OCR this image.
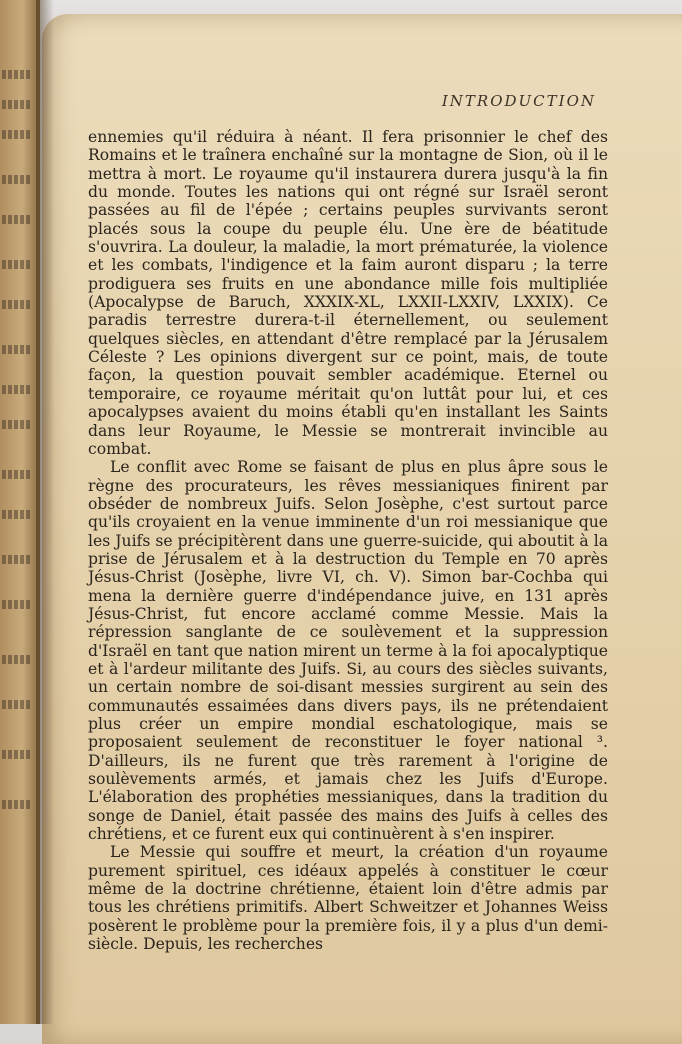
INTRODUCTION

ennemies qu'il réduira à néant. Il fera prisonnier le chef des Romains et le traînera enchaîné sur la montagne de Sion, où il le mettra à mort. Le royaume qu'il instaurera durera jusqu'à la fin du monde. Toutes les nations qui ont régné sur Israël seront passées au fil de l'épée ; certains peuples survivants seront placés sous la coupe du peuple élu. Une ère de béatitude s'ouvrira. La douleur, la maladie, la mort prématurée, la violence et les combats, l'indigence et la faim auront disparu ; la terre prodiguera ses fruits en une abondance mille fois multipliée (Apocalypse de Baruch, XXXIX-XL, LXXII-LXXIV, LXXIX). Ce paradis terrestre durera-t-il éternellement, ou seulement quelques siècles, en attendant d'être remplacé par la Jérusalem Céleste ? Les opinions divergent sur ce point, mais, de toute façon, la question pouvait sembler académique. Eternel ou temporaire, ce royaume méritait qu'on luttât pour lui, et ces apocalypses avaient du moins établi qu'en installant les Saints dans leur Royaume, le Messie se montrerait invincible au combat.

Le conflit avec Rome se faisant de plus en plus âpre sous le règne des procurateurs, les rêves messianiques finirent par obséder de nombreux Juifs. Selon Josèphe, c'est surtout parce qu'ils croyaient en la venue imminente d'un roi messianique que les Juifs se précipitèrent dans une guerre-suicide, qui aboutit à la prise de Jérusalem et à la destruction du Temple en 70 après Jésus-Christ (Josèphe, livre VI, ch. V). Simon bar-Cochba qui mena la dernière guerre d'indépendance juive, en 131 après Jésus-Christ, fut encore acclamé comme Messie. Mais la répression sanglante de ce soulèvement et la suppression d'Israël en tant que nation mirent un terme à la foi apocalyptique et à l'ardeur militante des Juifs. Si, au cours des siècles suivants, un certain nombre de soi-disant messies surgirent au sein des communautés essaimées dans divers pays, ils ne prétendaient plus créer un empire mondial eschatologique, mais se proposaient seulement de reconstituer le foyer national ³. D'ailleurs, ils ne furent que très rarement à l'origine de soulèvements armés, et jamais chez les Juifs d'Europe. L'élaboration des prophéties messianiques, dans la tradition du songe de Daniel, était passée des mains des Juifs à celles des chrétiens, et ce furent eux qui continuèrent à s'en inspirer.

Le Messie qui souffre et meurt, la création d'un royaume purement spirituel, ces idéaux appelés à constituer le cœur même de la doctrine chrétienne, étaient loin d'être admis par tous les chrétiens primitifs. Albert Schweitzer et Johannes Weiss posèrent le problème pour la première fois, il y a plus d'un demi-siècle. Depuis, les recherches
